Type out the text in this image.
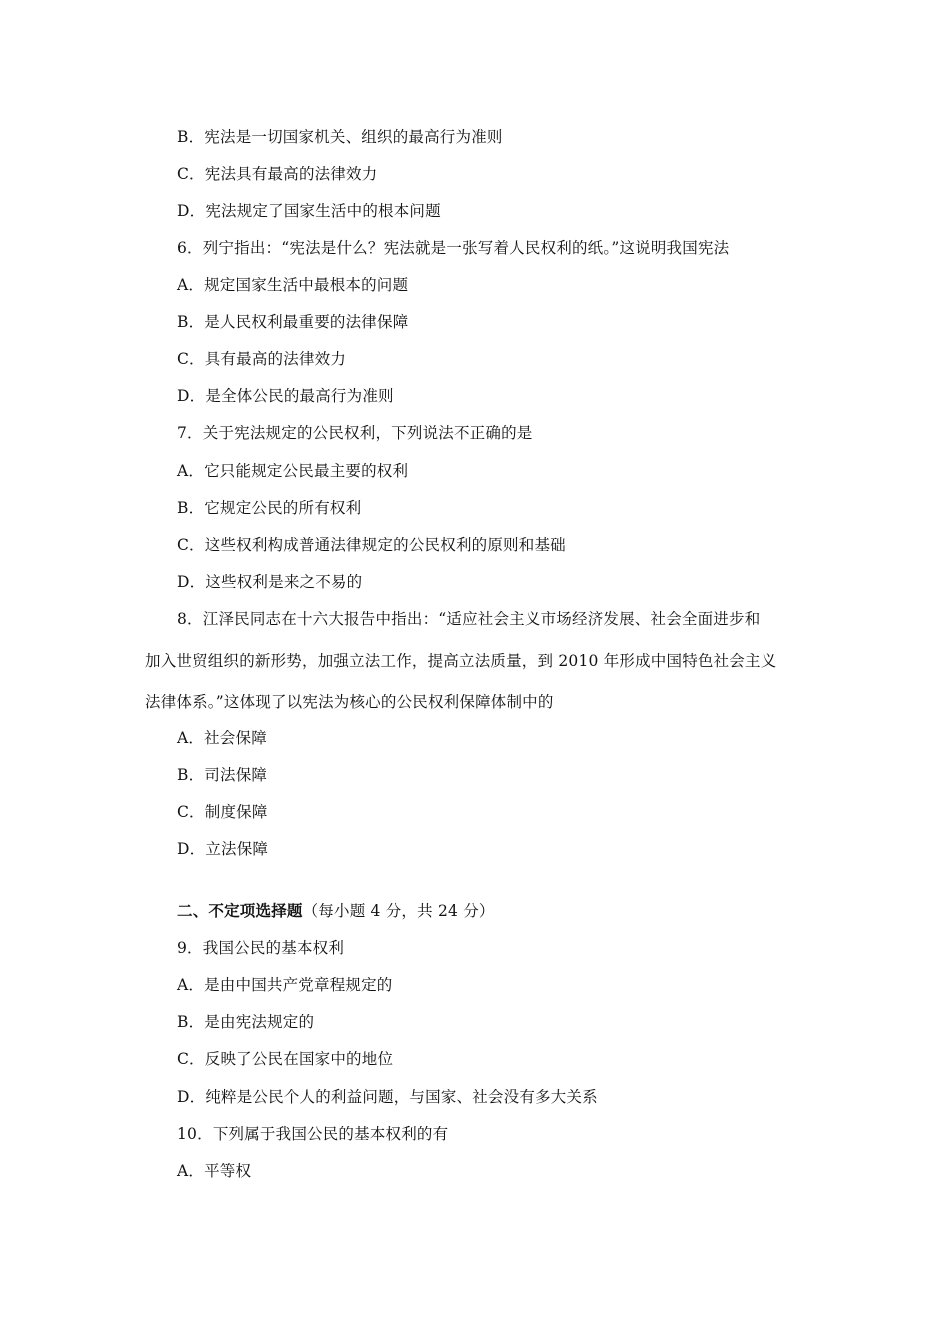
B．宪法是一切国家机关、组织的最高行为准则
C．宪法具有最高的法律效力
D．宪法规定了国家生活中的根本问题
6．列宁指出：“宪法是什么？宪法就是一张写着人民权利的纸。”这说明我国宪法
A．规定国家生活中最根本的问题
B．是人民权利最重要的法律保障
C．具有最高的法律效力
D．是全体公民的最高行为准则
7．关于宪法规定的公民权利，下列说法不正确的是
A．它只能规定公民最主要的权利
B．它规定公民的所有权利
C．这些权利构成普通法律规定的公民权利的原则和基础
D．这些权利是来之不易的
8．江泽民同志在十六大报告中指出：“适应社会主义市场经济发展、社会全面进步和
加入世贸组织的新形势，加强立法工作，提高立法质量，到 2010 年形成中国特色社会主义
法律体系。”这体现了以宪法为核心的公民权利保障体制中的
A．社会保障
B．司法保障
C．制度保障
D．立法保障
二、不定项选择题（每小题 4 分，共 24 分）
9．我国公民的基本权利
A．是由中国共产党章程规定的
B．是由宪法规定的
C．反映了公民在国家中的地位
D．纯粹是公民个人的利益问题，与国家、社会没有多大关系
10．下列属于我国公民的基本权利的有
A．平等权
